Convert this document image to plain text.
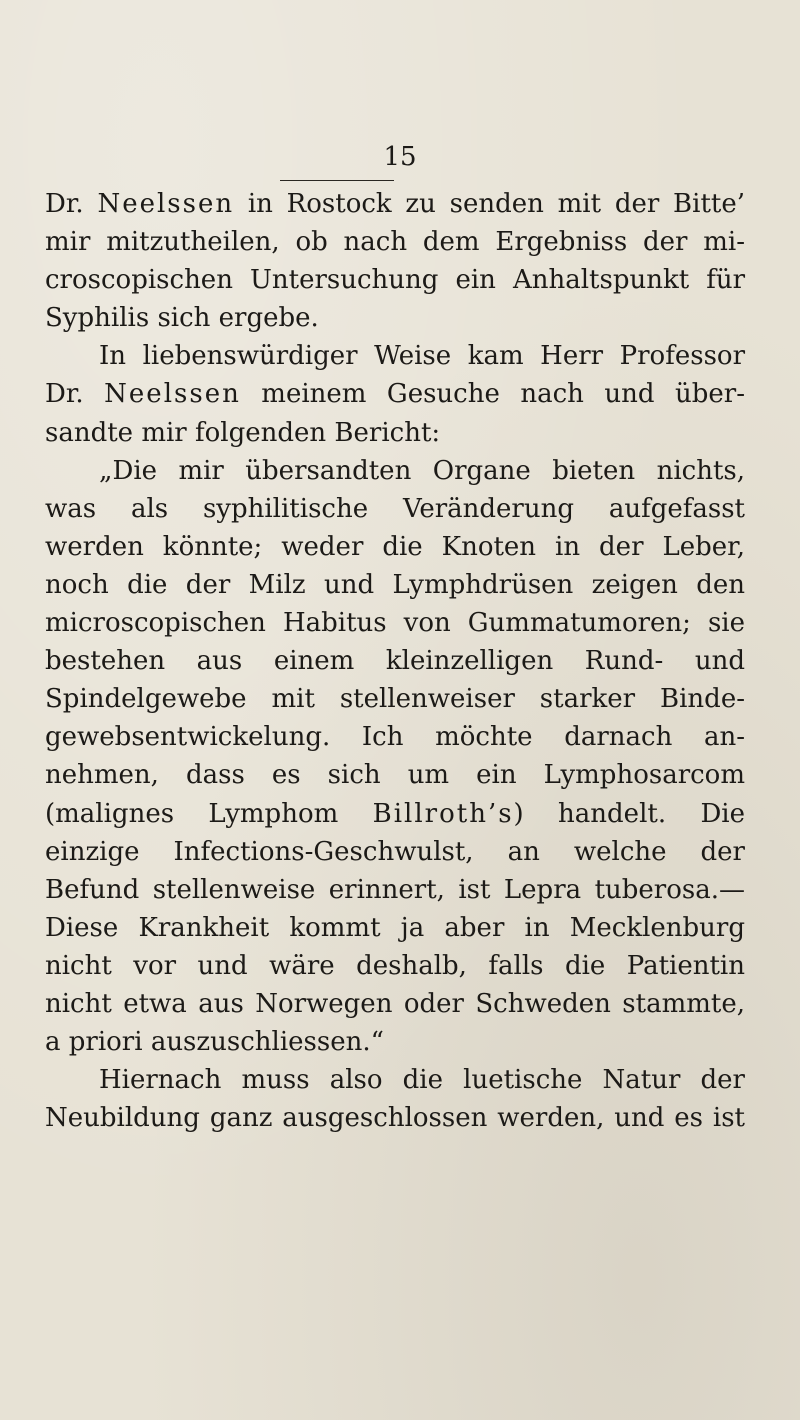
15
Dr. Neelssen in Rostock zu senden mit der Bitte’
mir mitzutheilen, ob nach dem Ergebniss der mi-
croscopischen Untersuchung ein Anhaltspunkt für
Syphilis sich ergebe.
In liebenswürdiger Weise kam Herr Professor
Dr. Neelssen meinem Gesuche nach und über-
sandte mir folgenden Bericht:
„Die mir übersandten Organe bieten nichts,
was als syphilitische Veränderung aufgefasst
werden könnte; weder die Knoten in der Leber,
noch die der Milz und Lymphdrüsen zeigen den
microscopischen Habitus von Gummatumoren; sie
bestehen aus einem kleinzelligen Rund- und
Spindelgewebe mit stellenweiser starker Binde-
gewebsentwickelung. Ich möchte darnach an-
nehmen, dass es sich um ein Lymphosarcom
(malignes Lymphom Billroth’s) handelt. Die
einzige Infections-Geschwulst, an welche der
Befund stellenweise erinnert, ist Lepra tuberosa.—
Diese Krankheit kommt ja aber in Mecklenburg
nicht vor und wäre deshalb, falls die Patientin
nicht etwa aus Norwegen oder Schweden stammte,
a priori auszuschliessen.“
Hiernach muss also die luetische Natur der
Neubildung ganz ausgeschlossen werden, und es ist
